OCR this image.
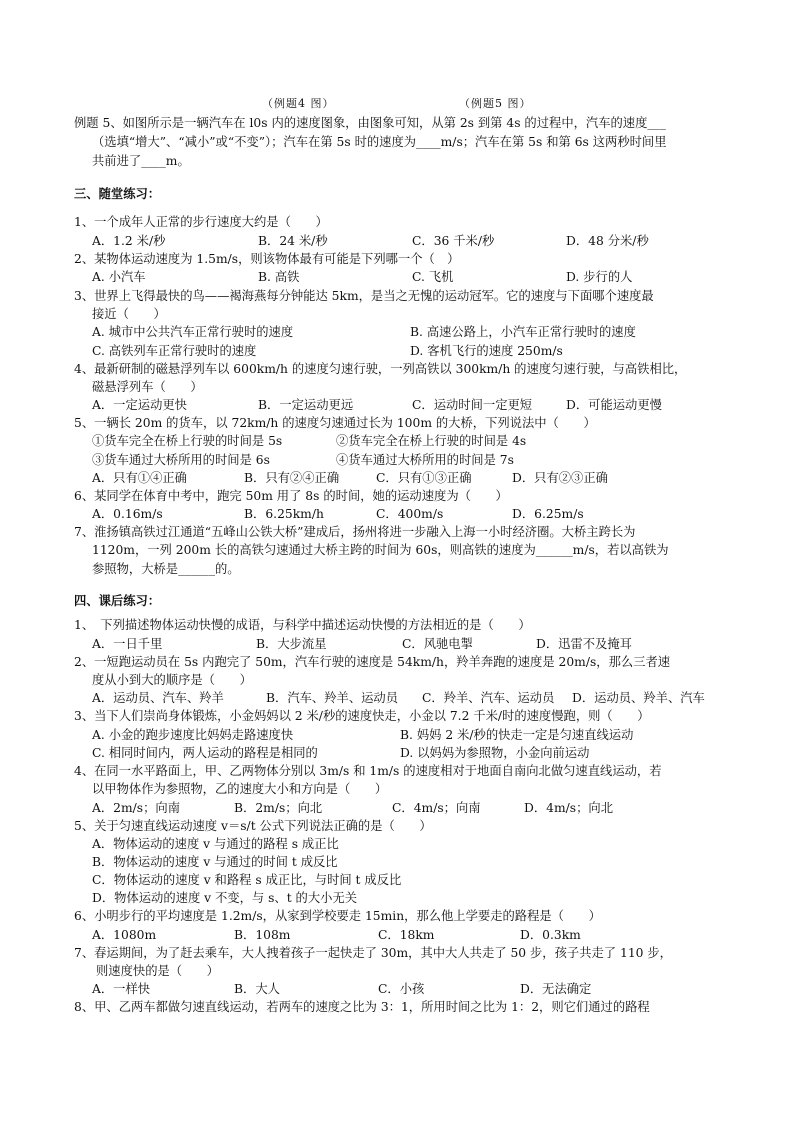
（例题4 图）	（例题5 图）
例题 5、如图所示是一辆汽车在 l0s 内的速度图象，由图象可知，从第 2s 到第 4s 的过程中，汽车的速度___
（选填“增大”、“减小”或“不变”）；汽车在第 5s 时的速度为____m/s；汽车在第 5s 和第 6s 这两秒时间里
共前进了____m。
三、随堂练习：
1、一个成年人正常的步行速度大约是（　　）
A．1.2 米/秒	B．24 米/秒	C．36 千米/秒	D．48 分米/秒
2、某物体运动速度为 1.5m/s，则该物体最有可能是下列哪一个（　）
A. 小汽车	B. 高铁	C. 飞机	D. 步行的人
3、世界上飞得最快的鸟——褐海燕每分钟能达 5km，是当之无愧的运动冠军。它的速度与下面哪个速度最
接近（　　）
A. 城市中公共汽车正常行驶时的速度	B. 高速公路上，小汽车正常行驶时的速度
C. 高铁列车正常行驶时的速度	D. 客机飞行的速度 250m/s
4、最新研制的磁悬浮列车以 600km/h 的速度匀速行驶，一列高铁以 300km/h 的速度匀速行驶，与高铁相比，
磁悬浮列车（　　）
A．一定运动更快	B．一定运动更远	C．运动时间一定更短	D．可能运动更慢
5、一辆长 20m 的货车，以 72km/h 的速度匀速通过长为 100m 的大桥，下列说法中（　　）
①货车完全在桥上行驶的时间是 5s	②货车完全在桥上行驶的时间是 4s
③货车通过大桥所用的时间是 6s	④货车通过大桥所用的时间是 7s
A．只有①④正确	B．只有②④正确	C．只有①③正确	D．只有②③正确
6、某同学在体育中考中，跑完 50m 用了 8s 的时间，她的运动速度为（　　）
A．0.16m/s	B．6.25km/h	C．400m/s	D．6.25m/s
7、淮扬镇高铁过江通道“五峰山公铁大桥”建成后，扬州将进一步融入上海一小时经济圈。大桥主跨长为
1120m，一列 200m 长的高铁匀速通过大桥主跨的时间为 60s，则高铁的速度为______m/s，若以高铁为
参照物，大桥是______的。
四、课后练习：
1、　下列描述物体运动快慢的成语，与科学中描述运动快慢的方法相近的是（　　）
A．一日千里	B．大步流星	C．风驰电掣	D．迅雷不及掩耳
2、一短跑运动员在 5s 内跑完了 50m，汽车行驶的速度是 54km/h，羚羊奔跑的速度是 20m/s，那么三者速
度从小到大的顺序是（　　）
A．运动员、汽车、羚羊	B．汽车、羚羊、运动员 C．羚羊、汽车、运动员 D．运动员、羚羊、汽车
3、当下人们崇尚身体锻炼，小金妈妈以 2 米/秒的速度快走，小金以 7.2 千米/时的速度慢跑，则（　　）
A. 小金的跑步速度比妈妈走路速度快	B. 妈妈 2 米/秒的快走一定是匀速直线运动
C. 相同时间内，两人运动的路程是相同的	D. 以妈妈为参照物，小金向前运动
4、在同一水平路面上，甲、乙两物体分别以 3m/s 和 1m/s 的速度相对于地面自南向北做匀速直线运动，若
以甲物体作为参照物，乙的速度大小和方向是（　　）
A．2m/s；向南	B．2m/s；向北	C．4m/s；向南	D．4m/s；向北
5、关于匀速直线运动速度 v＝s/t 公式下列说法正确的是（　　）
A．物体运动的速度 v 与通过的路程 s 成正比
B．物体运动的速度 v 与通过的时间 t 成反比
C．物体运动的速度 v 和路程 s 成正比，与时间 t 成反比
D．物体运动的速度 v 不变，与 s、t 的大小无关
6、小明步行的平均速度是 1.2m/s，从家到学校要走 15min，那么他上学要走的路程是（　　）
A．1080m	B．108m	C．18km	D．0.3km
7、春运期间，为了赶去乘车，大人拽着孩子一起快走了 30m，其中大人共走了 50 步，孩子共走了 110 步，
则速度快的是（　　）
A．一样快	B．大人	C．小孩	D．无法确定
8、甲、乙两车都做匀速直线运动，若两车的速度之比为 3：1，所用时间之比为 1：2，则它们通过的路程
